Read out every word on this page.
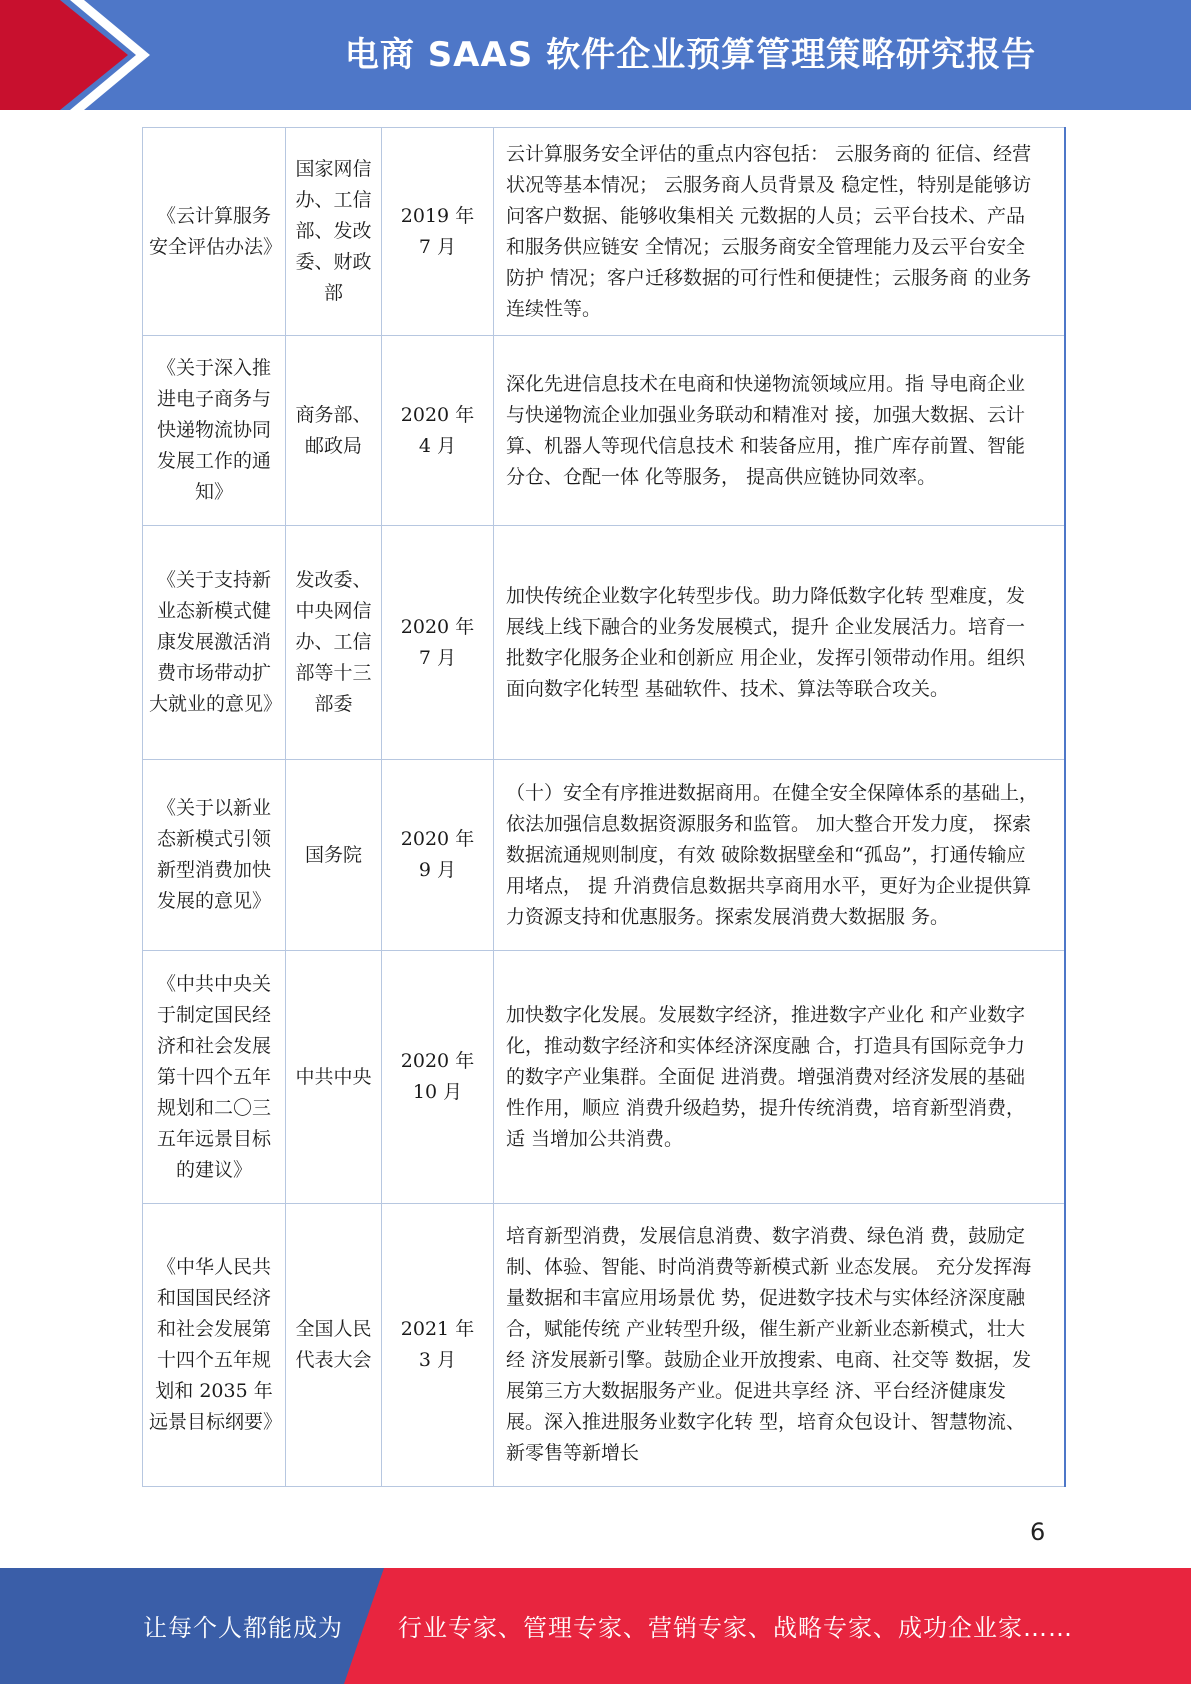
电商 SAAS 软件企业预算管理策略研究报告
《云计算服务安全评估办法》	国家网信办、工信部、发改委、财政部	2019 年 7 月	云计算服务安全评估的重点内容包括： 云服务商的 征信、经营状况等基本情况； 云服务商人员背景及 稳定性，特别是能够访问客户数据、能够收集相关 元数据的人员；云平台技术、产品和服务供应链安 全情况；云服务商安全管理能力及云平台安全防护 情况；客户迁移数据的可行性和便捷性；云服务商 的业务连续性等。
《关于深入推进电子商务与快递物流协同发展工作的通知》	商务部、邮政局	2020 年 4 月	深化先进信息技术在电商和快递物流领域应用。指 导电商企业与快递物流企业加强业务联动和精准对 接，加强大数据、云计算、机器人等现代信息技术 和装备应用，推广库存前置、智能分仓、仓配一体 化等服务， 提高供应链协同效率。
《关于支持新业态新模式健康发展激活消费市场带动扩大就业的意见》	发改委、中央网信办、工信部等十三部委	2020 年 7 月	加快传统企业数字化转型步伐。助力降低数字化转 型难度，发展线上线下融合的业务发展模式，提升 企业发展活力。培育一批数字化服务企业和创新应 用企业，发挥引领带动作用。组织面向数字化转型 基础软件、技术、算法等联合攻关。
《关于以新业态新模式引领新型消费加快发展的意见》	国务院	2020 年 9 月	（十）安全有序推进数据商用。在健全安全保障体系的基础上，依法加强信息数据资源服务和监管。 加大整合开发力度， 探索数据流通规则制度，有效 破除数据壁垒和“孤岛”，打通传输应用堵点， 提 升消费信息数据共享商用水平，更好为企业提供算 力资源支持和优惠服务。探索发展消费大数据服 务。
《中共中央关于制定国民经济和社会发展第十四个五年规划和二〇三五年远景目标的建议》	中共中央	2020 年 10 月	加快数字化发展。发展数字经济，推进数字产业化 和产业数字化，推动数字经济和实体经济深度融 合，打造具有国际竞争力的数字产业集群。全面促 进消费。增强消费对经济发展的基础性作用，顺应 消费升级趋势，提升传统消费，培育新型消费， 适 当增加公共消费。
《中华人民共和国国民经济和社会发展第十四个五年规划和 2035 年远景目标纲要》	全国人民代表大会	2021 年 3 月	培育新型消费，发展信息消费、数字消费、绿色消 费，鼓励定制、体验、智能、时尚消费等新模式新 业态发展。 充分发挥海量数据和丰富应用场景优 势，促进数字技术与实体经济深度融合，赋能传统 产业转型升级，催生新产业新业态新模式，壮大经 济发展新引擎。鼓励企业开放搜索、电商、社交等 数据，发展第三方大数据服务产业。促进共享经 济、平台经济健康发展。深入推进服务业数字化转 型，培育众包设计、智慧物流、新零售等新增长
6
让每个人都能成为 行业专家、管理专家、营销专家、战略专家、成功企业家……
